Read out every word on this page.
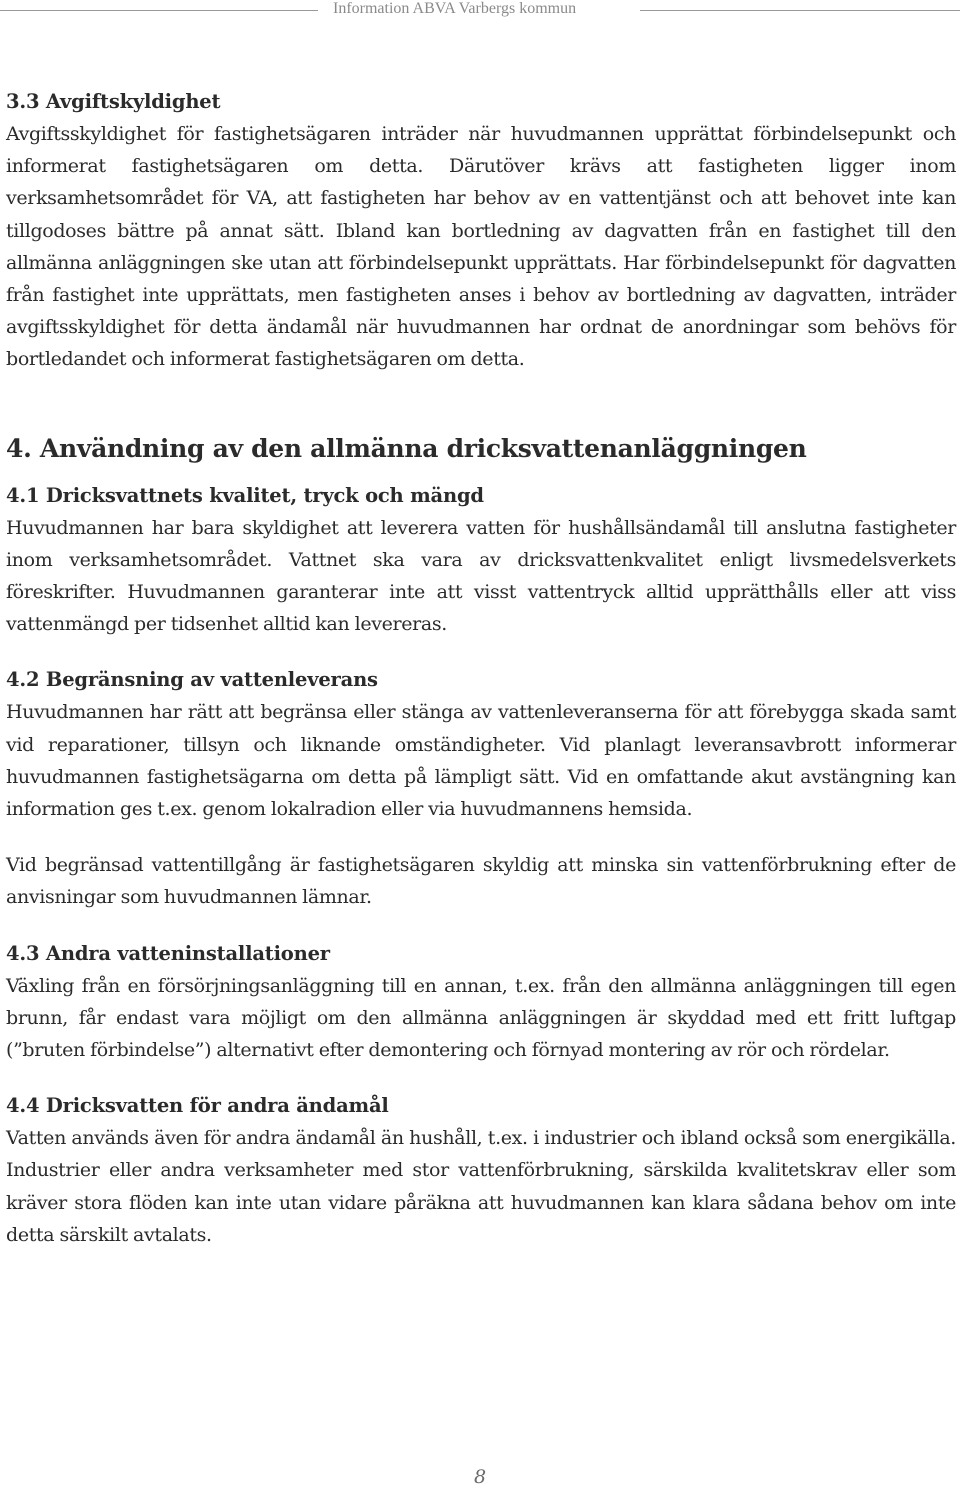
Information ABVA Varbergs kommun

3.3 Avgiftskyldighet

Avgiftsskyldighet för fastighetsägaren inträder när huvudmannen upprättat förbindelsepunkt och informerat fastighetsägaren om detta. Därutöver krävs att fastigheten ligger inom verksamhetsområdet för VA, att fastigheten har behov av en vattentjänst och att behovet inte kan tillgodoses bättre på annat sätt. Ibland kan bortledning av dagvatten från en fastighet till den allmänna anläggningen ske utan att förbindelsepunkt upprättats. Har förbindelsepunkt för dagvatten från fastighet inte upprättats, men fastigheten anses i behov av bortledning av dagvatten, inträder avgiftsskyldighet för detta ändamål när huvudmannen har ordnat de anordningar som behövs för bortledandet och informerat fastighetsägaren om detta.

4. Användning av den allmänna dricksvattenanläggningen

4.1 Dricksvattnets kvalitet, tryck och mängd

Huvudmannen har bara skyldighet att leverera vatten för hushållsändamål till anslutna fastigheter inom verksamhetsområdet. Vattnet ska vara av dricksvattenkvalitet enligt livsmedelsverkets föreskrifter. Huvudmannen garanterar inte att visst vattentryck alltid upprätthålls eller att viss vattenmängd per tidsenhet alltid kan levereras.

4.2 Begränsning av vattenleverans

Huvudmannen har rätt att begränsa eller stänga av vattenleveranserna för att förebygga skada samt vid reparationer, tillsyn och liknande omständigheter. Vid planlagt leveransavbrott informerar huvudmannen fastighetsägarna om detta på lämpligt sätt. Vid en omfattande akut avstängning kan information ges t.ex. genom lokalradion eller via huvudmannens hemsida.

Vid begränsad vattentillgång är fastighetsägaren skyldig att minska sin vattenförbrukning efter de anvisningar som huvudmannen lämnar.

4.3 Andra vatteninstallationer

Växling från en försörjningsanläggning till en annan, t.ex. från den allmänna anläggningen till egen brunn, får endast vara möjligt om den allmänna anläggningen är skyddad med ett fritt luftgap (”bruten förbindelse”) alternativt efter demontering och förnyad montering av rör och rördelar.

4.4 Dricksvatten för andra ändamål

Vatten används även för andra ändamål än hushåll, t.ex. i industrier och ibland också som energikälla. Industrier eller andra verksamheter med stor vattenförbrukning, särskilda kvalitetskrav eller som kräver stora flöden kan inte utan vidare påräkna att huvudmannen kan klara sådana behov om inte detta särskilt avtalats.

8
